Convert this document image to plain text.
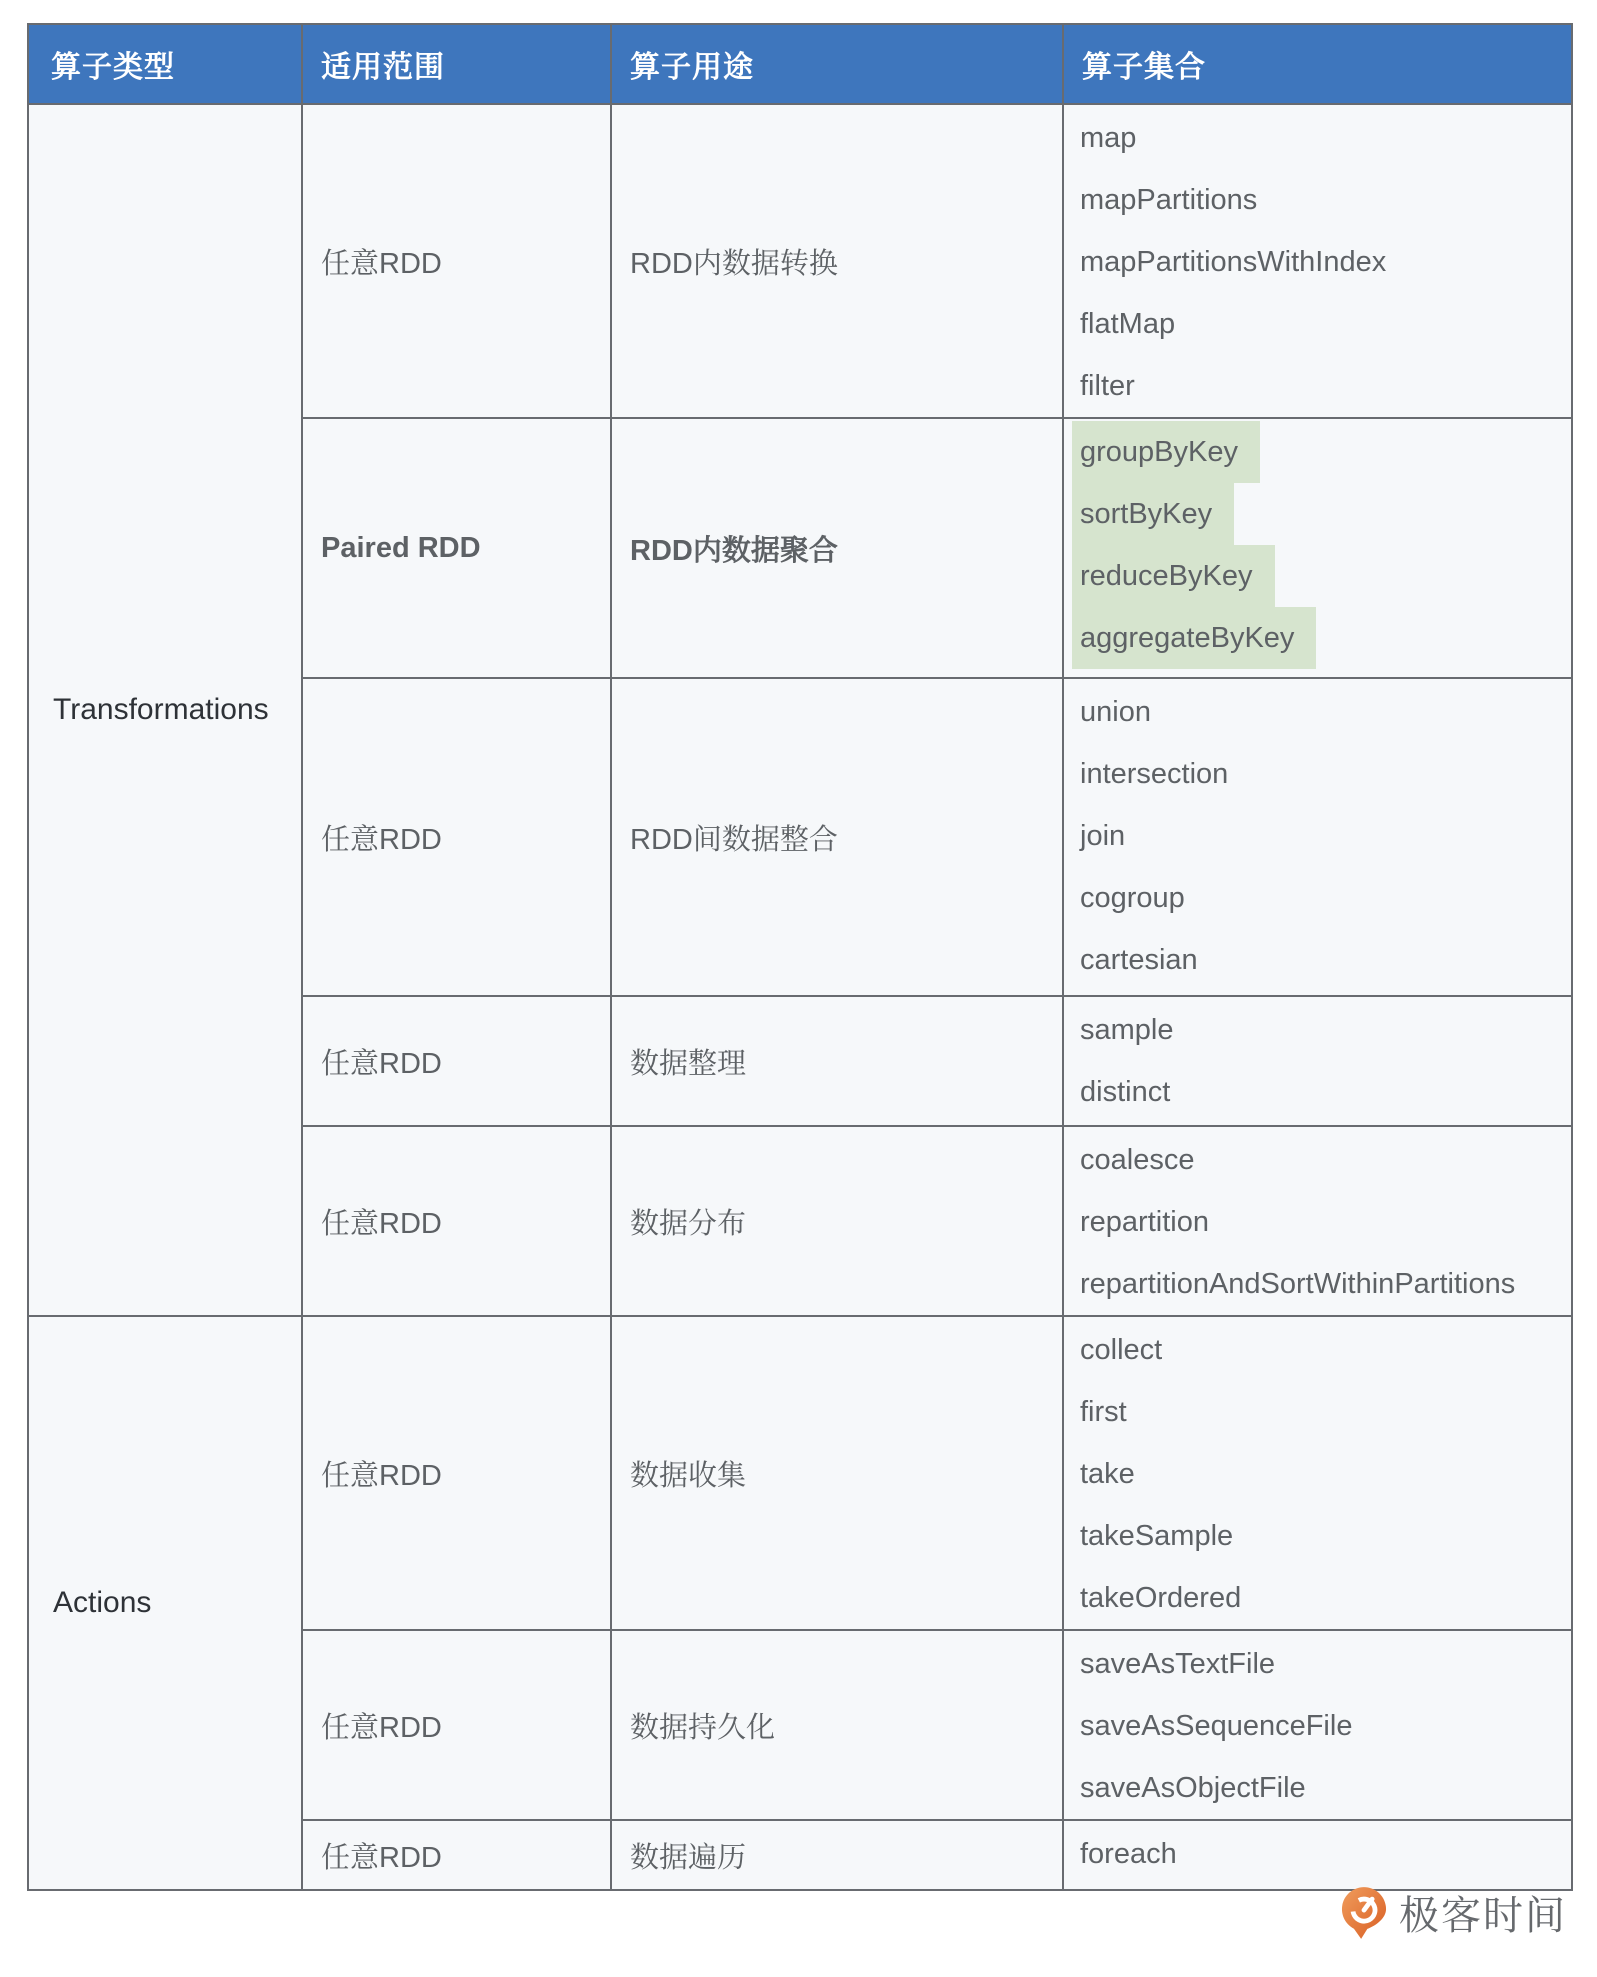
算子类型	适用范围	算子用途	算子集合
Transformations	任意RDD	RDD内数据转换	
map
mapPartitions
mapPartitionsWithIndex
flatMap
filter

Paired RDD	RDD内数据聚合	
groupByKey
sortByKey
reduceByKey
aggregateByKey

任意RDD	RDD间数据整合	
union
intersection
join
cogroup
cartesian

任意RDD	数据整理	
sample
distinct

任意RDD	数据分布	
coalesce
repartition
repartitionAndSortWithinPartitions

Actions	任意RDD	数据收集	
collect
first
take
takeSample
takeOrdered

任意RDD	数据持久化	
saveAsTextFile
saveAsSequenceFile
saveAsObjectFile

任意RDD	数据遍历	foreach
极客时间
